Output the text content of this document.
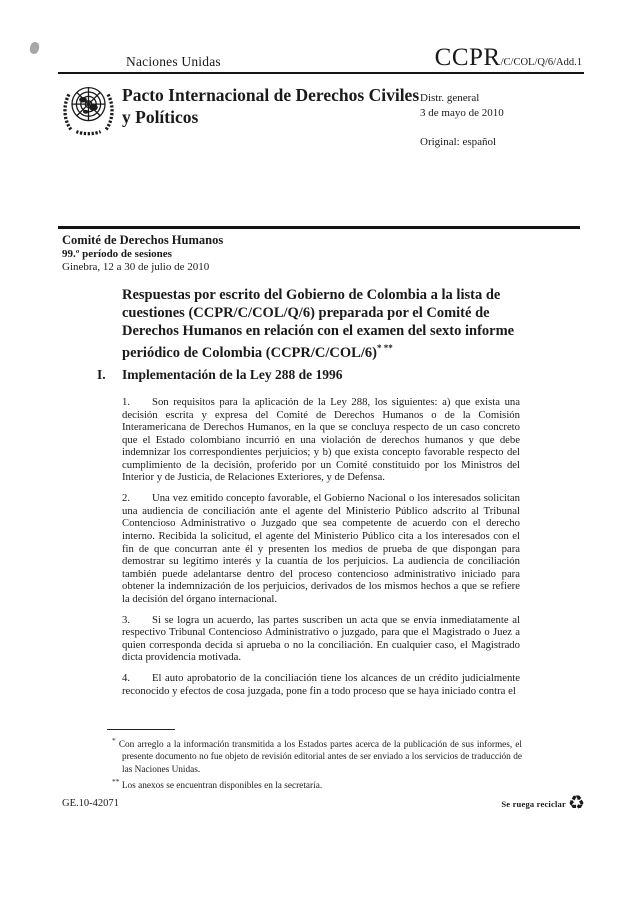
Naciones Unidas	CCPR /C/COL/Q/6/Add.1
Pacto Internacional de Derechos Civiles y Políticos
Distr. general
3 de mayo de 2010
Original: español
Comité de Derechos Humanos
99.º período de sesiones
Ginebra, 12 a 30 de julio de 2010
Respuestas por escrito del Gobierno de Colombia a la lista de cuestiones (CCPR/C/COL/Q/6) preparada por el Comité de Derechos Humanos en relación con el examen del sexto informe periódico de Colombia (CCPR/C/COL/6)* **
I. Implementación de la Ley 288 de 1996

1. Son requisitos para la aplicación de la Ley 288, los siguientes: a) que exista una decisión escrita y expresa del Comité de Derechos Humanos o de la Comisión Interamericana de Derechos Humanos, en la que se concluya respecto de un caso concreto que el Estado colombiano incurrió en una violación de derechos humanos y que debe indemnizar los correspondientes perjuicios; y b) que exista concepto favorable respecto del cumplimiento de la decisión, proferido por un Comité constituido por los Ministros del Interior y de Justicia, de Relaciones Exteriores, y de Defensa.

2. Una vez emitido concepto favorable, el Gobierno Nacional o los interesados solicitan una audiencia de conciliación ante el agente del Ministerio Público adscrito al Tribunal Contencioso Administrativo o Juzgado que sea competente de acuerdo con el derecho interno. Recibida la solicitud, el agente del Ministerio Público cita a los interesados con el fin de que concurran ante él y presenten los medios de prueba de que dispongan para demostrar su legítimo interés y la cuantía de los perjuicios. La audiencia de conciliación también puede adelantarse dentro del proceso contencioso administrativo iniciado para obtener la indemnización de los perjuicios, derivados de los mismos hechos a que se refiere la decisión del órgano internacional.

3. Si se logra un acuerdo, las partes suscriben un acta que se envía inmediatamente al respectivo Tribunal Contencioso Administrativo o juzgado, para que el Magistrado o Juez a quien corresponda decida si aprueba o no la conciliación. En cualquier caso, el Magistrado dicta providencia motivada.

4. El auto aprobatorio de la conciliación tiene los alcances de un crédito judicialmente reconocido y efectos de cosa juzgada, pone fin a todo proceso que se haya iniciado contra el

* Con arreglo a la información transmitida a los Estados partes acerca de la publicación de sus informes, el presente documento no fue objeto de revisión editorial antes de ser enviado a los servicios de traducción de las Naciones Unidas.
** Los anexos se encuentran disponibles en la secretaría.
GE.10-42071	Se ruega reciclar ♻
